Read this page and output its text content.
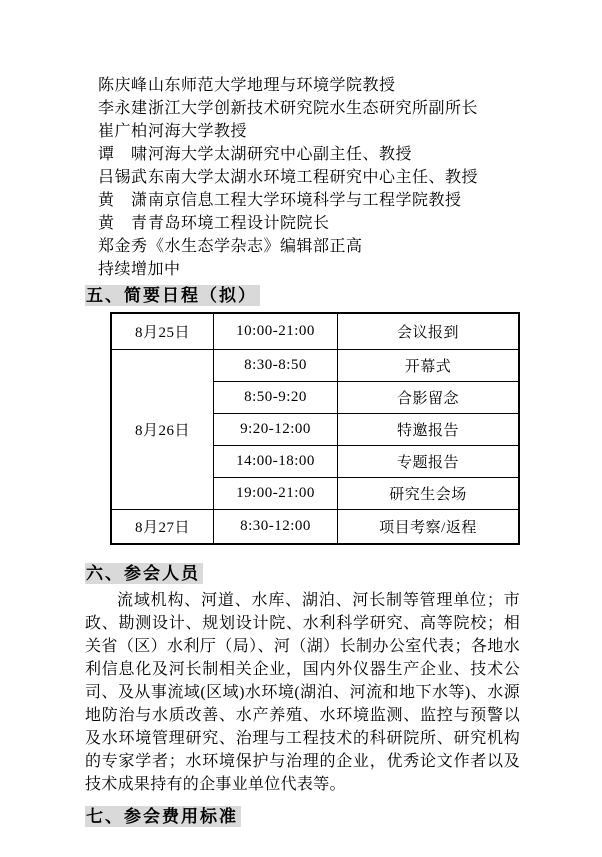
陈庆峰山东师范大学地理与环境学院教授
李永建浙江大学创新技术研究院水生态研究所副所长
崔广柏河海大学教授
谭　啸河海大学太湖研究中心副主任、教授
吕锡武东南大学太湖水环境工程研究中心主任、教授
黄　潇南京信息工程大学环境科学与工程学院教授
黄　青青岛环境工程设计院院长
郑金秀《水生态学杂志》编辑部正高
持续增加中
五、简要日程（拟）
8月25日	10:00-21:00	会议报到
8月26日	8:30-8:50	开幕式
	8:50-9:20	合影留念
	9:20-12:00	特邀报告
	14:00-18:00	专题报告
	19:00-21:00	研究生会场
8月27日	8:30-12:00	项目考察/返程
六、参会人员

流域机构、河道、水库、湖泊、河长制等管理单位；市政、勘测设计、规划设计院、水利科学研究、高等院校；相关省（区）水利厅（局）、河（湖）长制办公室代表；各地水利信息化及河长制相关企业，国内外仪器生产企业、技术公司、及从事流域(区域)水环境(湖泊、河流和地下水等)、水源地防治与水质改善、水产养殖、水环境监测、监控与预警以及水环境管理研究、治理与工程技术的科研院所、研究机构的专家学者；水环境保护与治理的企业，优秀论文作者以及技术成果持有的企事业单位代表等。

七、参会费用标准
